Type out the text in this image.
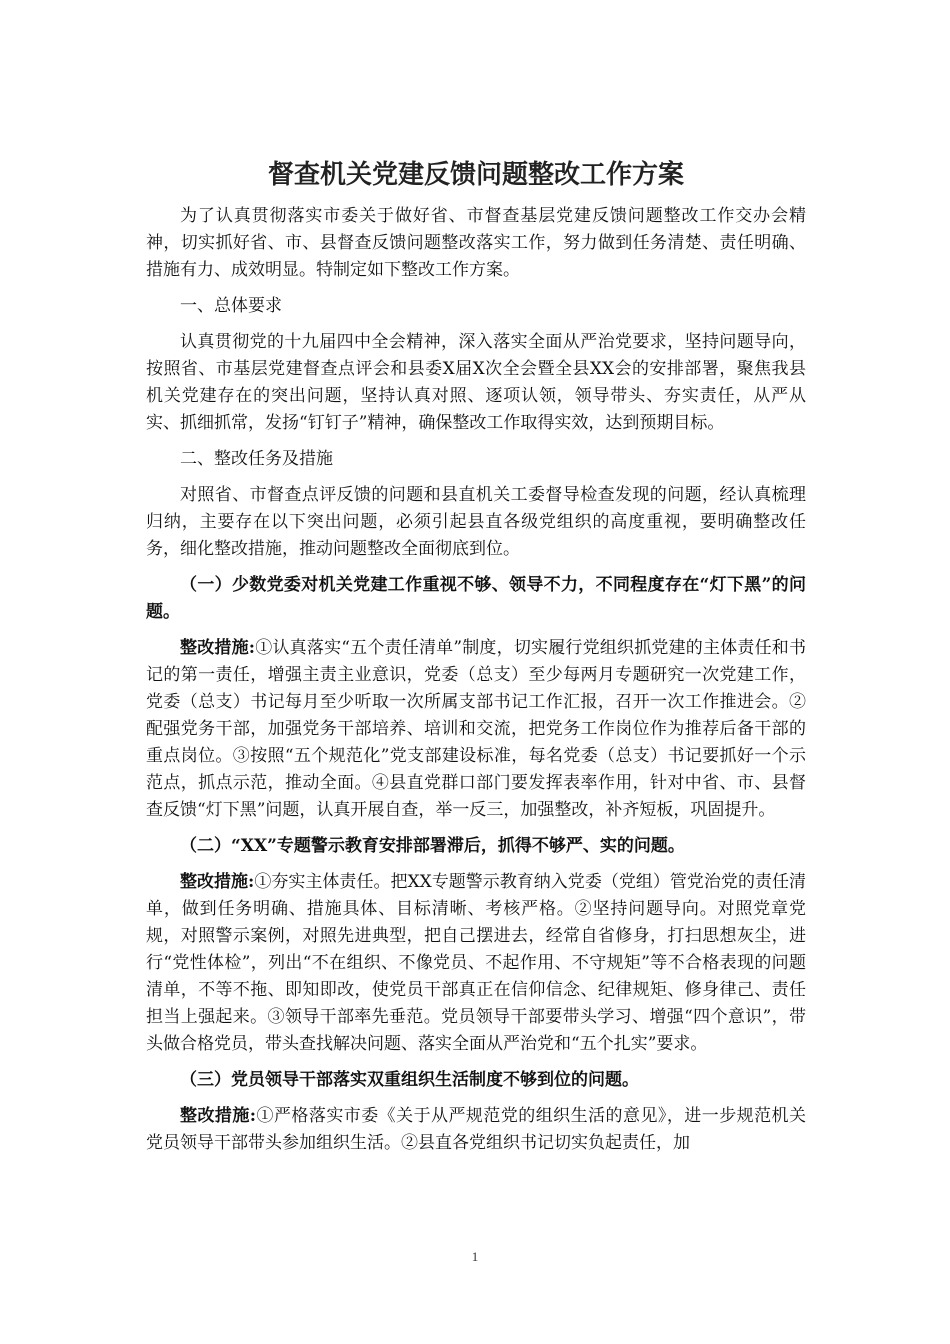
督查机关党建反馈问题整改工作方案

为了认真贯彻落实市委关于做好省、市督查基层党建反馈问题整改工作交办会精神，切实抓好省、市、县督查反馈问题整改落实工作，努力做到任务清楚、责任明确、措施有力、成效明显。特制定如下整改工作方案。

一、总体要求

认真贯彻党的十九届四中全会精神，深入落实全面从严治党要求，坚持问题导向，按照省、市基层党建督查点评会和县委X届X次全会暨全县XX会的安排部署，聚焦我县机关党建存在的突出问题，坚持认真对照、逐项认领，领导带头、夯实责任，从严从实、抓细抓常，发扬“钉钉子”精神，确保整改工作取得实效，达到预期目标。

二、整改任务及措施

对照省、市督查点评反馈的问题和县直机关工委督导检查发现的问题，经认真梳理归纳，主要存在以下突出问题，必须引起县直各级党组织的高度重视，要明确整改任务，细化整改措施，推动问题整改全面彻底到位。

（一）少数党委对机关党建工作重视不够、领导不力，不同程度存在“灯下黑”的问题。

整改措施:①认真落实“五个责任清单”制度，切实履行党组织抓党建的主体责任和书记的第一责任，增强主责主业意识，党委（总支）至少每两月专题研究一次党建工作，党委（总支）书记每月至少听取一次所属支部书记工作汇报，召开一次工作推进会。②配强党务干部，加强党务干部培养、培训和交流，把党务工作岗位作为推荐后备干部的重点岗位。③按照“五个规范化”党支部建设标准，每名党委（总支）书记要抓好一个示范点，抓点示范，推动全面。④县直党群口部门要发挥表率作用，针对中省、市、县督查反馈“灯下黑”问题，认真开展自查，举一反三，加强整改，补齐短板，巩固提升。

（二）“XX”专题警示教育安排部署滞后，抓得不够严、实的问题。

整改措施:①夯实主体责任。把XX专题警示教育纳入党委（党组）管党治党的责任清单，做到任务明确、措施具体、目标清晰、考核严格。②坚持问题导向。对照党章党规，对照警示案例，对照先进典型，把自己摆进去，经常自省修身，打扫思想灰尘，进行“党性体检”，列出“不在组织、不像党员、不起作用、不守规矩”等不合格表现的问题清单，不等不拖、即知即改，使党员干部真正在信仰信念、纪律规矩、修身律己、责任担当上强起来。③领导干部率先垂范。党员领导干部要带头学习、增强“四个意识”，带头做合格党员，带头查找解决问题、落实全面从严治党和“五个扎实”要求。

（三）党员领导干部落实双重组织生活制度不够到位的问题。

整改措施:①严格落实市委《关于从严规范党的组织生活的意见》，进一步规范机关党员领导干部带头参加组织生活。②县直各党组织书记切实负起责任，加

1
